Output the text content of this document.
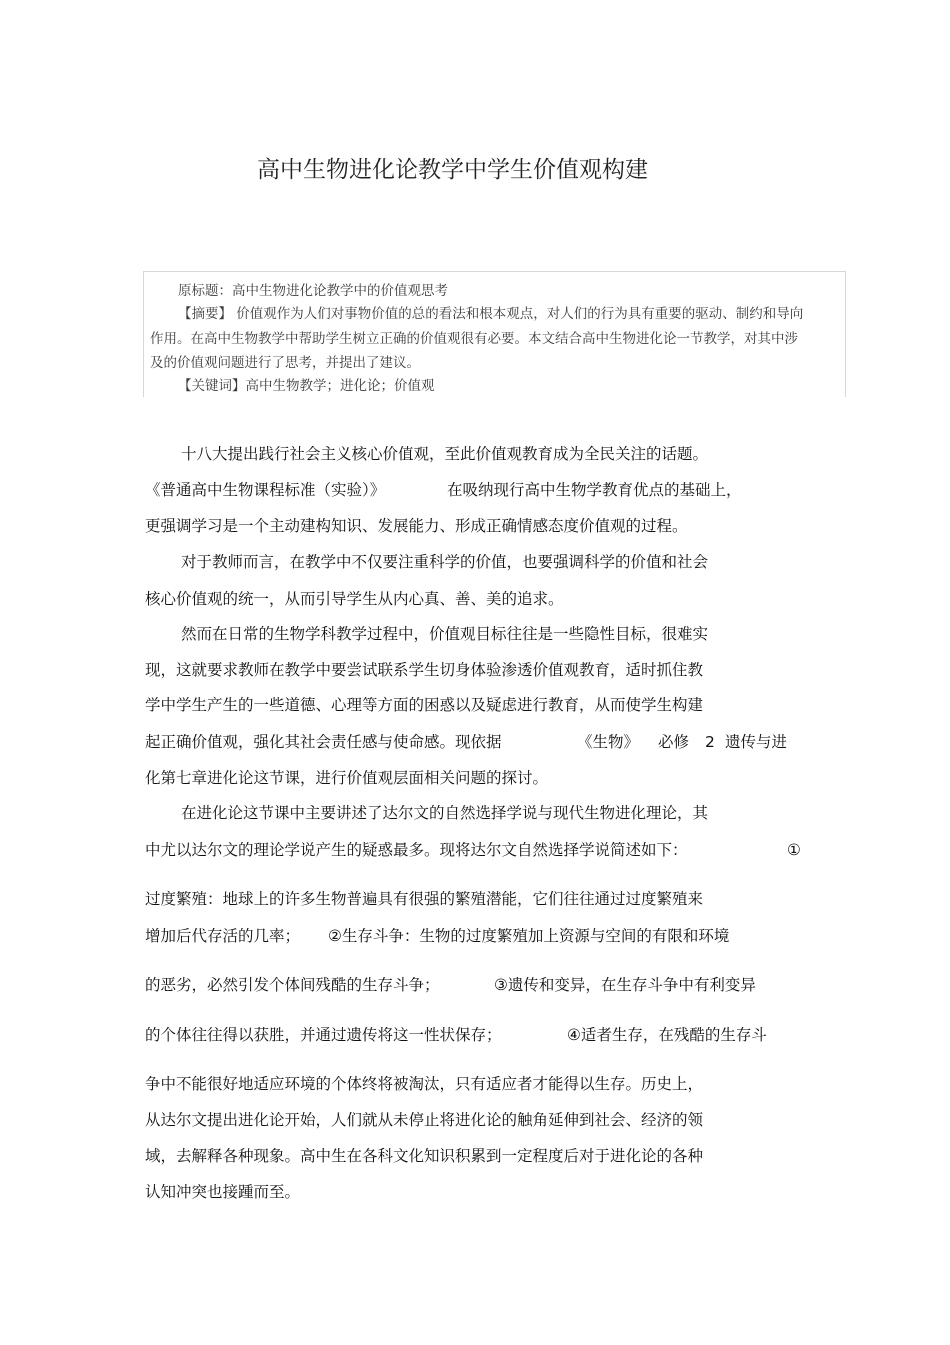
高中生物进化论教学中学生价值观构建
原标题：高中生物进化论教学中的价值观思考
【摘要】 价值观作为人们对事物价值的总的看法和根本观点，对人们的行为具有重要的驱动、制约和导向
作用。在高中生物教学中帮助学生树立正确的价值观很有必要。本文结合高中生物进化论一节教学，对其中涉
及的价值观问题进行了思考，并提出了建议。
【关键词】高中生物教学；进化论；价值观
十八大提出践行社会主义核心价值观，至此价值观教育成为全民关注的话题。
《普通高中生物课程标准（实验）》	在吸纳现行高中生物学教育优点的基础上，
更强调学习是一个主动建构知识、发展能力、形成正确情感态度价值观的过程。
对于教师而言，在教学中不仅要注重科学的价值，也要强调科学的价值和社会
核心价值观的统一，从而引导学生从内心真、善、美的追求。
然而在日常的生物学科教学过程中，价值观目标往往是一些隐性目标，很难实
现，这就要求教师在教学中要尝试联系学生切身体验渗透价值观教育，适时抓住教
学中学生产生的一些道德、心理等方面的困惑以及疑虑进行教育，从而使学生构建
起正确价值观，强化其社会责任感与使命感。现依据	《生物》 必修 2 遗传与进
化第七章进化论这节课，进行价值观层面相关问题的探讨。
在进化论这节课中主要讲述了达尔文的自然选择学说与现代生物进化理论，其
中尤以达尔文的理论学说产生的疑惑最多。现将达尔文自然选择学说简述如下：	①
过度繁殖：地球上的许多生物普遍具有很强的繁殖潜能，它们往往通过过度繁殖来
增加后代存活的几率； ②生存斗争：生物的过度繁殖加上资源与空间的有限和环境
的恶劣，必然引发个体间残酷的生存斗争；	③遗传和变异，在生存斗争中有利变异
的个体往往得以获胜，并通过遗传将这一性状保存；	④适者生存，在残酷的生存斗
争中不能很好地适应环境的个体终将被淘汰，只有适应者才能得以生存。历史上，
从达尔文提出进化论开始，人们就从未停止将进化论的触角延伸到社会、经济的领
域，去解释各种现象。高中生在各科文化知识积累到一定程度后对于进化论的各种
认知冲突也接踵而至。
